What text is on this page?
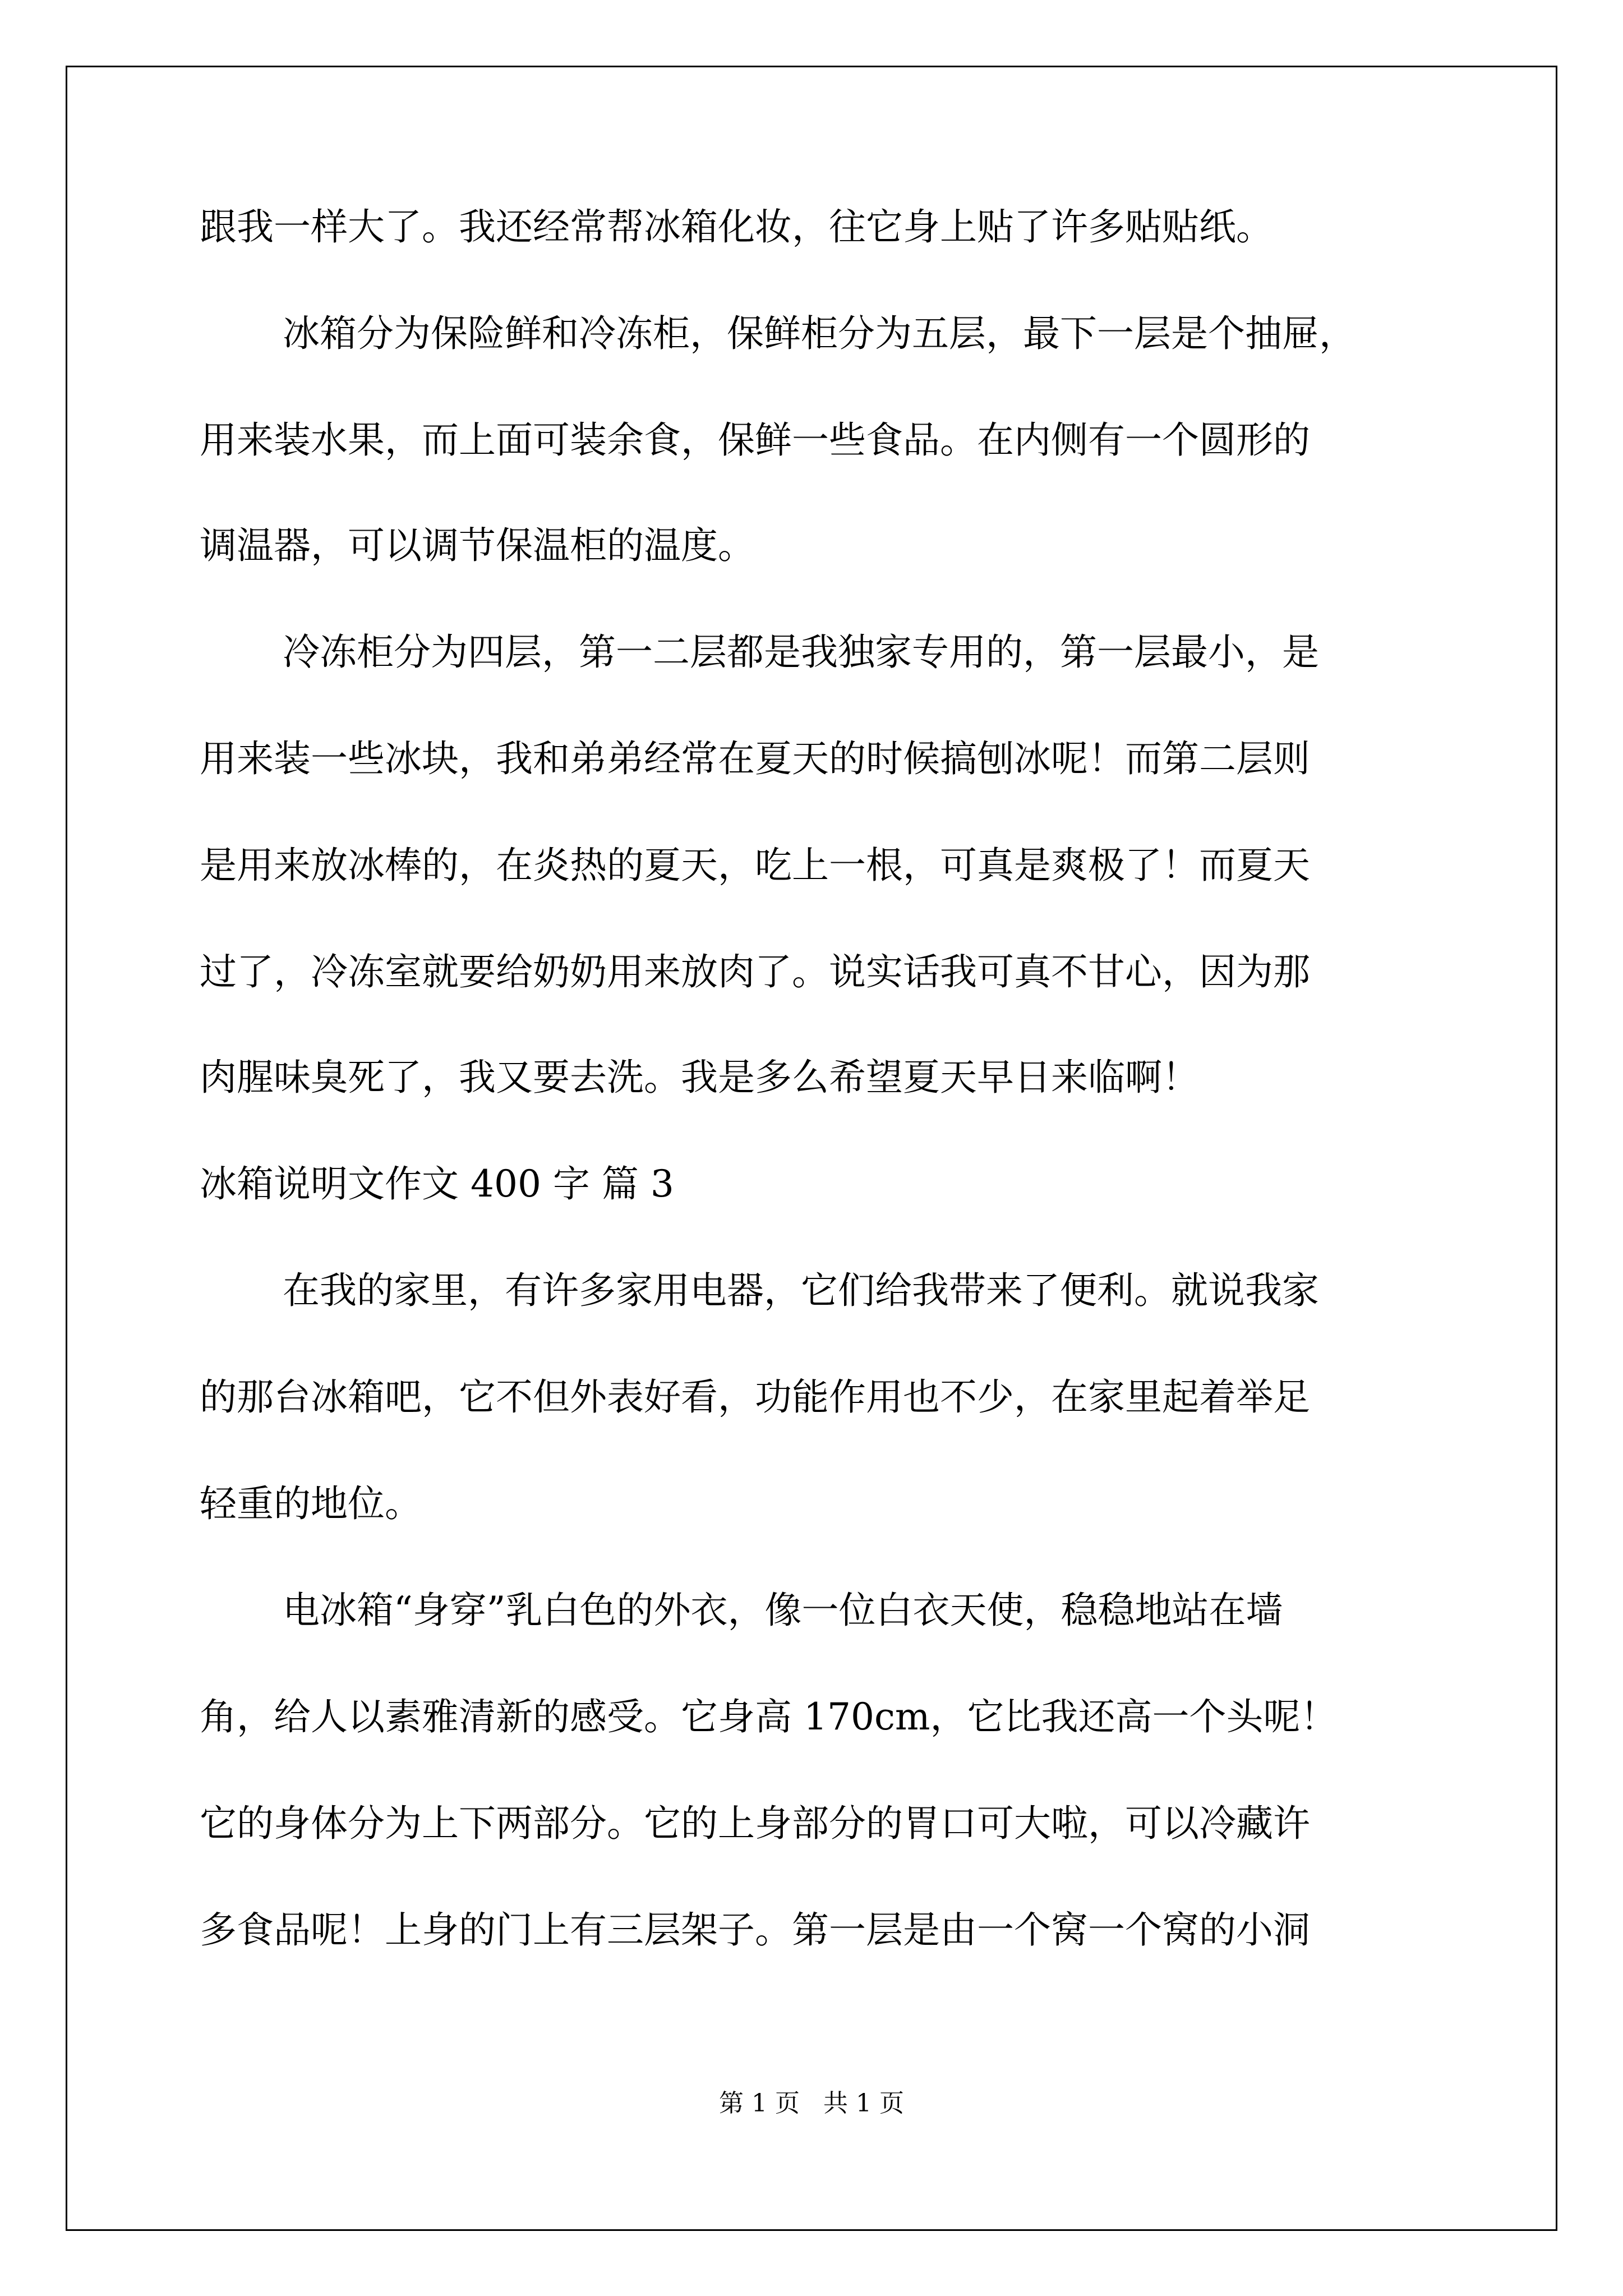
跟我一样大了。我还经常帮冰箱化妆，往它身上贴了许多贴贴纸。
冰箱分为保险鲜和冷冻柜，保鲜柜分为五层，最下一层是个抽屉，
用来装水果，而上面可装余食，保鲜一些食品。在内侧有一个圆形的
调温器，可以调节保温柜的温度。
冷冻柜分为四层，第一二层都是我独家专用的，第一层最小，是
用来装一些冰块，我和弟弟经常在夏天的时候搞刨冰呢！而第二层则
是用来放冰棒的，在炎热的夏天，吃上一根，可真是爽极了！而夏天
过了，冷冻室就要给奶奶用来放肉了。说实话我可真不甘心，因为那
肉腥味臭死了，我又要去洗。我是多么希望夏天早日来临啊！
冰箱说明文作文 400 字 篇 3
在我的家里，有许多家用电器，它们给我带来了便利。就说我家
的那台冰箱吧，它不但外表好看，功能作用也不少，在家里起着举足
轻重的地位。
电冰箱“身穿”乳白色的外衣，像一位白衣天使，稳稳地站在墙
角，给人以素雅清新的感受。它身高 170cm，它比我还高一个头呢！
它的身体分为上下两部分。它的上身部分的胃口可大啦，可以冷藏许
多食品呢！上身的门上有三层架子。第一层是由一个窝一个窝的小洞
第 1 页   共 1 页
